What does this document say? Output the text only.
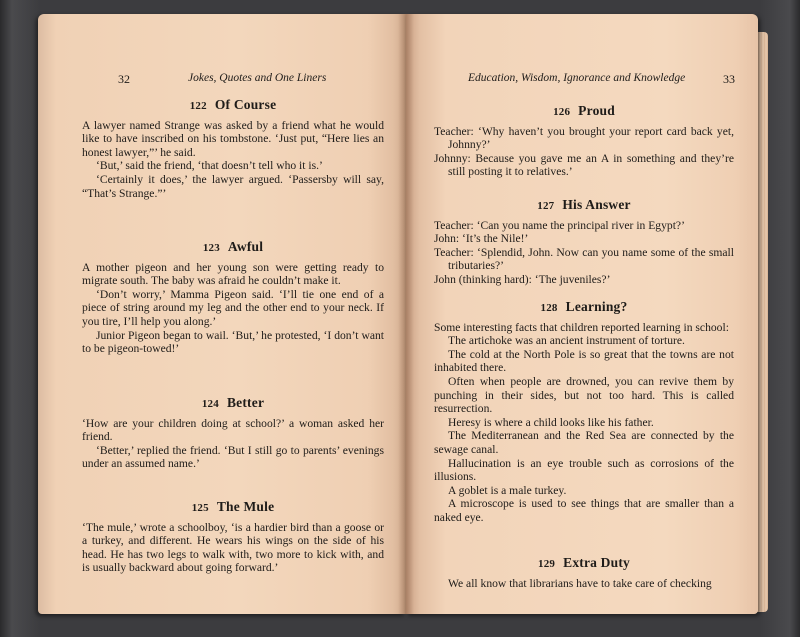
32	Jokes, Quotes and One Liners
122 Of Course

A lawyer named Strange was asked by a friend what he would like to have inscribed on his tombstone. ‘Just put, “Here lies an honest lawyer,”’ he said.

‘But,’ said the friend, ‘that doesn’t tell who it is.’

‘Certainly it does,’ the lawyer argued. ‘Passersby will say, “That’s Strange.”’

123 Awful

A mother pigeon and her young son were getting ready to migrate south. The baby was afraid he couldn’t make it.

‘Don’t worry,’ Mamma Pigeon said. ‘I’ll tie one end of a piece of string around my leg and the other end to your neck. If you tire, I’ll help you along.’

Junior Pigeon began to wail. ‘But,’ he protested, ‘I don’t want to be pigeon-towed!’

124 Better

‘How are your children doing at school?’ a woman asked her friend.

‘Better,’ replied the friend. ‘But I still go to parents’ evenings under an assumed name.’

125 The Mule

‘The mule,’ wrote a schoolboy, ‘is a hardier bird than a goose or a turkey, and different. He wears his wings on the side of his head. He has two legs to walk with, two more to kick with, and is usually backward about going forward.’

Education, Wisdom, Ignorance and Knowledge	33
126 Proud

Teacher: ‘Why haven’t you brought your report card back yet, Johnny?’

Johnny: Because you gave me an A in something and they’re still posting it to relatives.’

127 His Answer

Teacher: ‘Can you name the principal river in Egypt?’

John: ‘It’s the Nile!’

Teacher: ‘Splendid, John. Now can you name some of the small tributaries?’

John (thinking hard): ‘The juveniles?’

128 Learning?

Some interesting facts that children reported learning in school:

The artichoke was an ancient instrument of torture.

The cold at the North Pole is so great that the towns are not inhabited there.

Often when people are drowned, you can revive them by punching in their sides, but not too hard. This is called resurrection.

Heresy is where a child looks like his father.

The Mediterranean and the Red Sea are connected by the sewage canal.

Hallucination is an eye trouble such as corrosions of the illusions.

A goblet is a male turkey.

A microscope is used to see things that are smaller than a naked eye.

129 Extra Duty

We all know that librarians have to take care of checking
